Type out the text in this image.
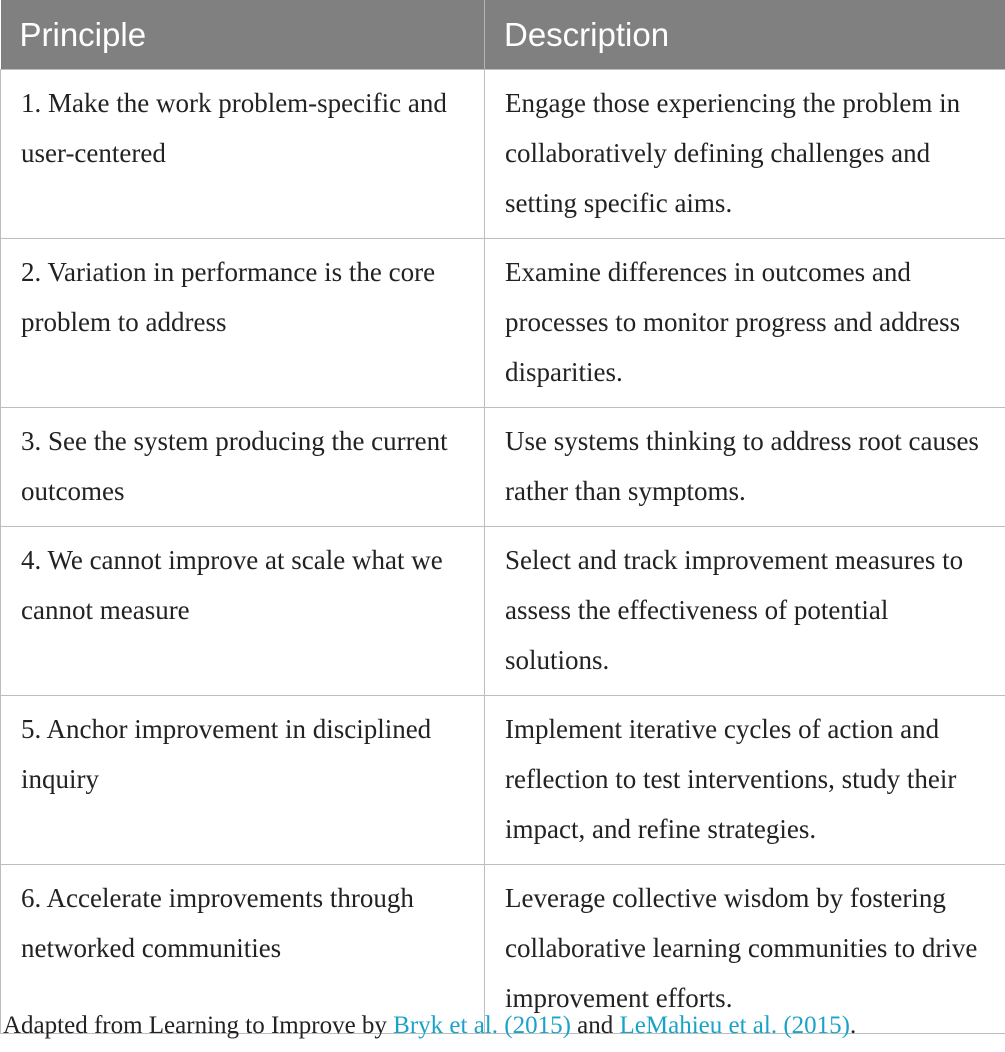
Principle	Description
1. Make the work problem-specific and user-centered	Engage those experiencing the problem in collaboratively defining challenges and setting specific aims.
2. Variation in performance is the core problem to address	Examine differences in outcomes and processes to monitor progress and address disparities.
3. See the system producing the current outcomes	Use systems thinking to address root causes rather than symptoms.
4. We cannot improve at scale what we cannot measure	Select and track improvement measures to assess the effectiveness of potential solutions.
5. Anchor improvement in disciplined inquiry	Implement iterative cycles of action and reflection to test interventions, study their impact, and refine strategies.
6. Accelerate improvements through networked communities	Leverage collective wisdom by fostering collaborative learning communities to drive improvement efforts.
Adapted from Learning to Improve by Bryk et al. (2015) and LeMahieu et al. (2015).
